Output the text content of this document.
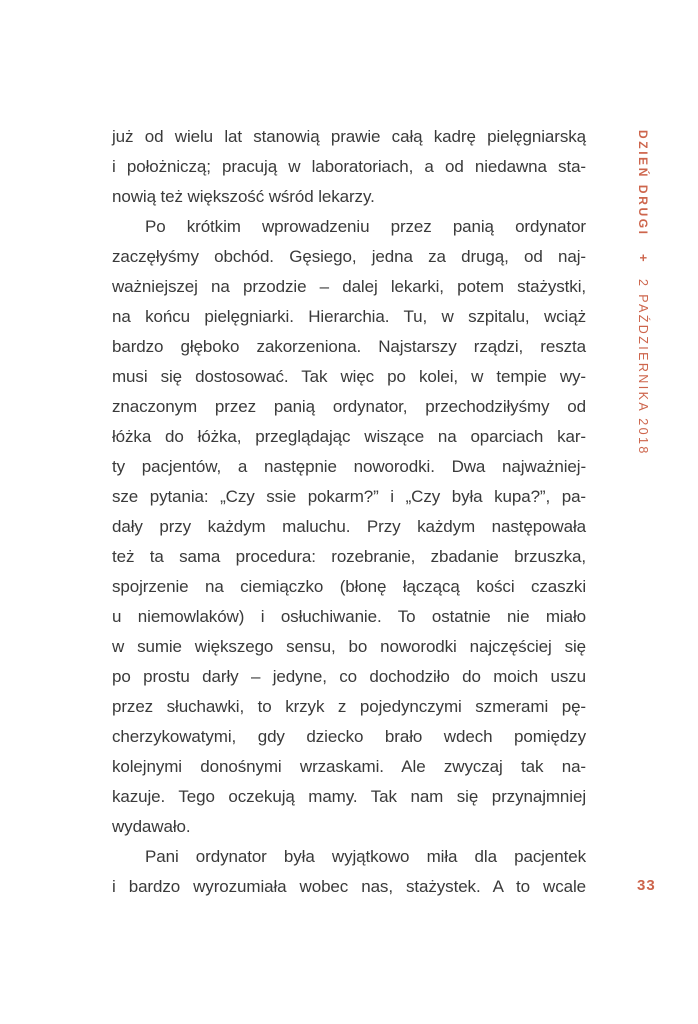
już od wielu lat stanowią prawie całą kadrę pielęgniarską
i położniczą; pracują w laboratoriach, a od niedawna sta-
nowią też większość wśród lekarzy.
Po krótkim wprowadzeniu przez panią ordynator
zaczęłyśmy obchód. Gęsiego, jedna za drugą, od naj-
ważniejszej na przodzie – dalej lekarki, potem stażystki,
na końcu pielęgniarki. Hierarchia. Tu, w szpitalu, wciąż
bardzo głęboko zakorzeniona. Najstarszy rządzi, reszta
musi się dostosować. Tak więc po kolei, w tempie wy-
znaczonym przez panią ordynator, przechodziłyśmy od
łóżka do łóżka, przeglądając wiszące na oparciach kar-
ty pacjentów, a następnie noworodki. Dwa najważniej-
sze pytania: „Czy ssie pokarm?” i „Czy była kupa?”, pa-
dały przy każdym maluchu. Przy każdym następowała
też ta sama procedura: rozebranie, zbadanie brzuszka,
spojrzenie na ciemiączko (błonę łączącą kości czaszki
u niemowlaków) i osłuchiwanie. To ostatnie nie miało
w sumie większego sensu, bo noworodki najczęściej się
po prostu darły – jedyne, co dochodziło do moich uszu
przez słuchawki, to krzyk z pojedynczymi szmerami pę-
cherzykowatymi, gdy dziecko brało wdech pomiędzy
kolejnymi donośnymi wrzaskami. Ale zwyczaj tak na-
kazuje. Tego oczekują mamy. Tak nam się przynajmniej
wydawało.
Pani ordynator była wyjątkowo miła dla pacjentek
i bardzo wyrozumiała wobec nas, stażystek. A to wcale
DZIEŃ DRUGI + 2 PAŹDZIERNIKA 2018
33
